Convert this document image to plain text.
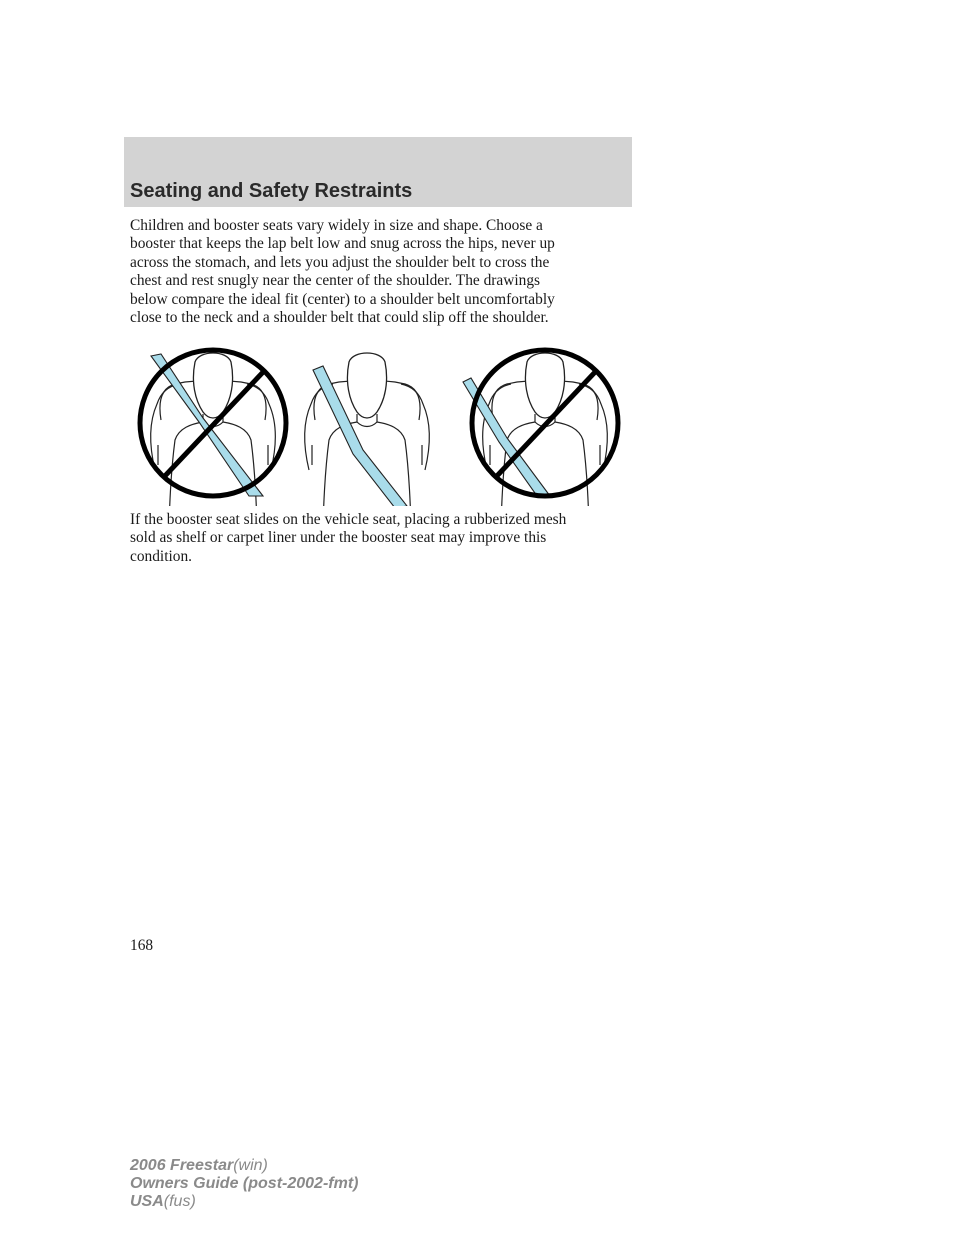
Seating and Safety Restraints

Children and booster seats vary widely in size and shape. Choose a
booster that keeps the lap belt low and snug across the hips, never up
across the stomach, and lets you adjust the shoulder belt to cross the
chest and rest snugly near the center of the shoulder. The drawings
below compare the ideal fit (center) to a shoulder belt uncomfortably
close to the neck and a shoulder belt that could slip off the shoulder.

If the booster seat slides on the vehicle seat, placing a rubberized mesh
sold as shelf or carpet liner under the booster seat may improve this
condition.

168

2006 Freestar(win)
Owners Guide (post-2002-fmt)
USA(fus)
